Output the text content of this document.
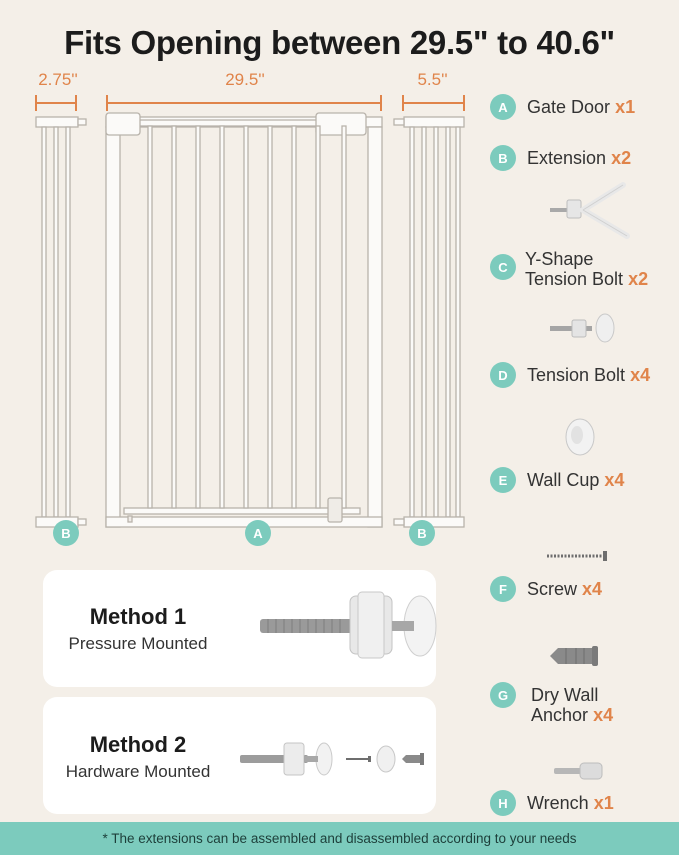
Fits Opening between 29.5" to 40.6"
2.75''	29.5''	5.5''
B	A	B
A	Gate Door x1
B	Extension x2
C Y-Shape
Tension Bolt x2
D	Tension Bolt x4
E	Wall Cup x4
F	Screw x4
G	Dry Wall
Anchor x4
H	Wrench x1
Method 1
Pressure Mounted
Method 2
Hardware Mounted
* The extensions can be assembled and disassembled according to your needs
